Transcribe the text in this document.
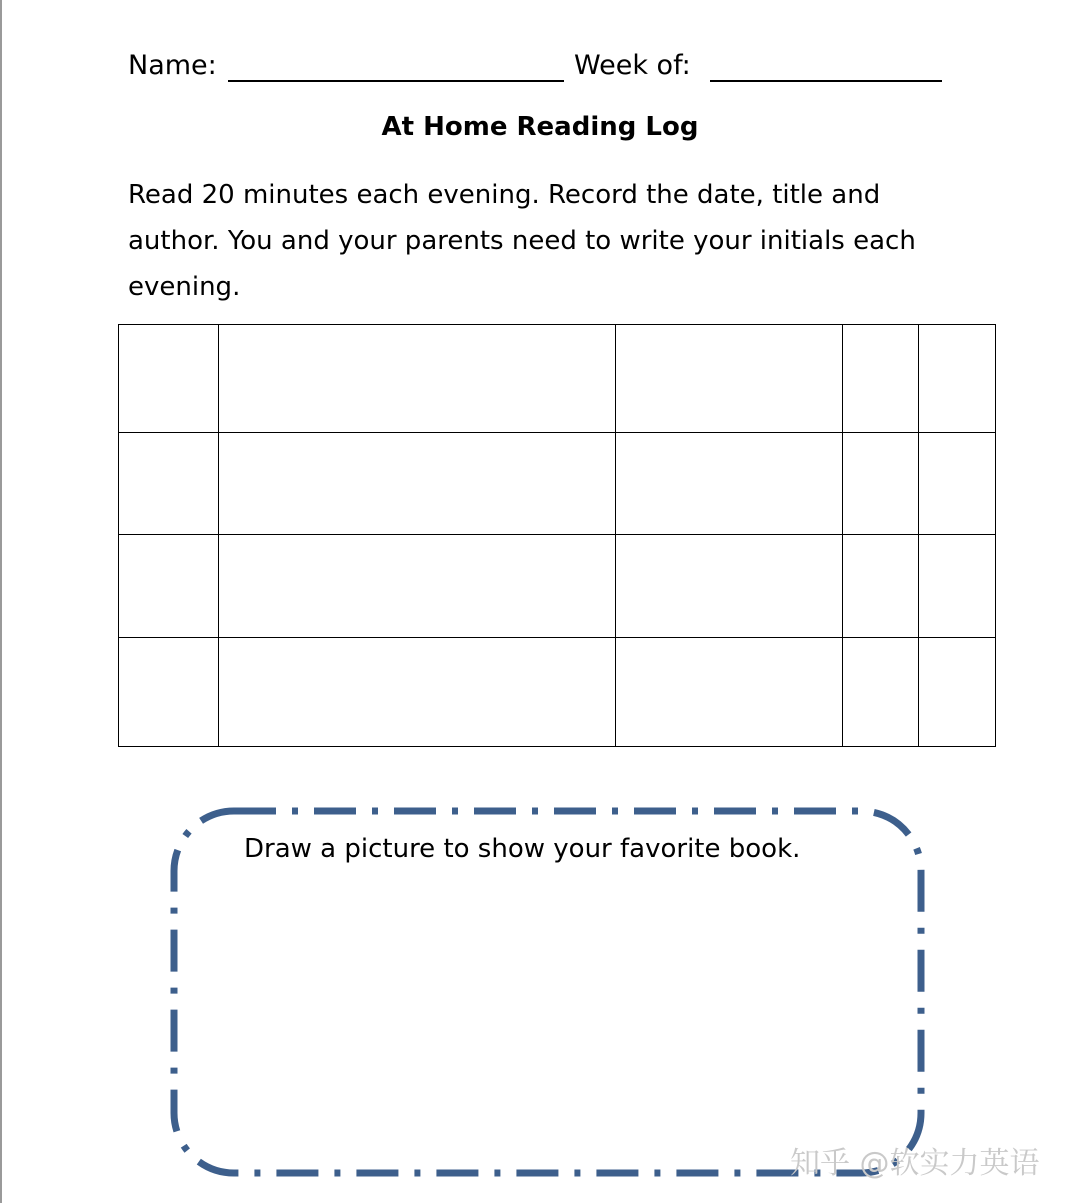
Name:	Week of:
At Home Reading Log
Read 20 minutes each evening. Record the date, title and author. You and your parents need to write your initials each evening.

Draw a picture to show your favorite book.
知乎 @软实力英语
